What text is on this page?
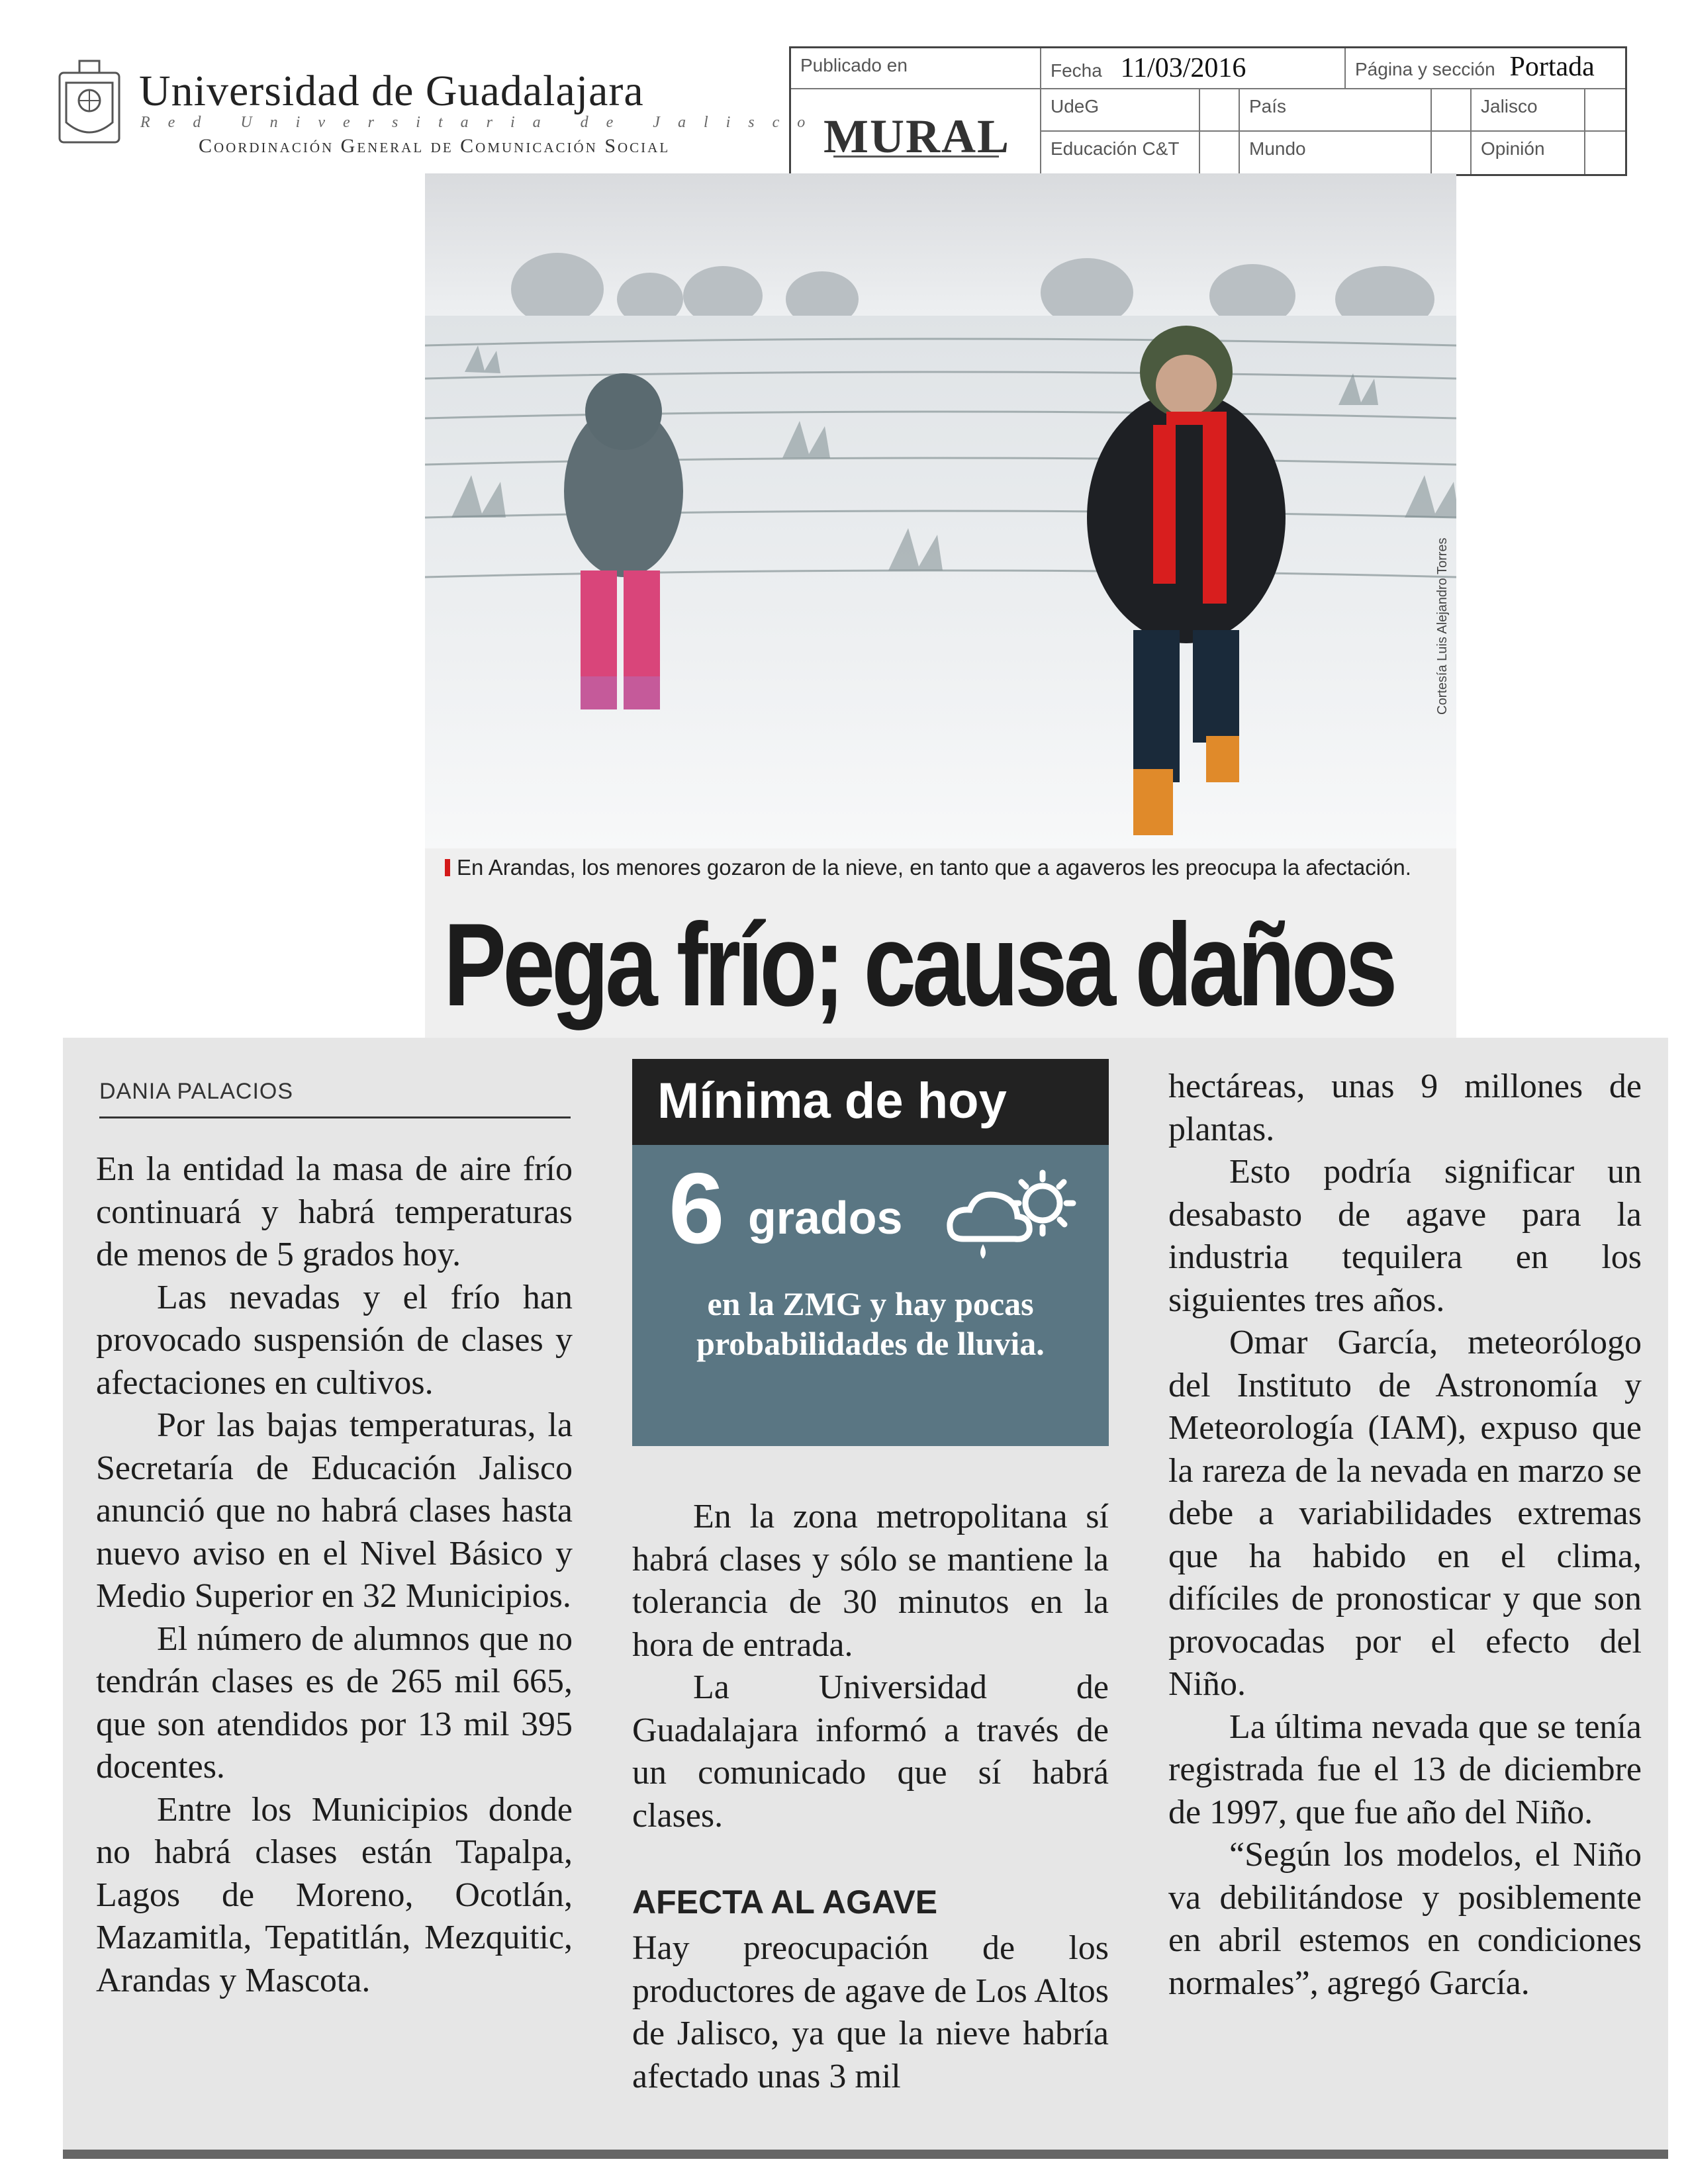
Universidad de Guadalajara
Red Universitaria de Jalisco
Coordinación General de Comunicación Social
Publicado en
MURAL
Fecha 11/03/2016	Página y sección Portada
UdeG	País	Jalisco
Educación C&T	Mundo	Opinión
Cortesía Luis Alejandro Torres
En Arandas, los menores gozaron de la nieve, en tanto que a agaveros les preocupa la afectación.
Pega frío; causa daños
DANIA PALACIOS

En la entidad la masa de aire frío continuará y habrá temperaturas de menos de 5 grados hoy.

Las nevadas y el frío han provocado suspensión de clases y afectaciones en cultivos.

Por las bajas temperaturas, la Secretaría de Educación Jalisco anunció que no habrá clases hasta nuevo aviso en el Nivel Básico y Medio Superior en 32 Municipios.

El número de alumnos que no tendrán clases es de 265 mil 665, que son atendidos por 13 mil 395 docentes.

Entre los Municipios donde no habrá clases están Tapalpa, Lagos de Moreno, Ocotlán, Mazamitla, Tepatitlán, Mezquitic, Arandas y Mascota.

Mínima de hoy
6 grados
en la ZMG y hay pocas probabilidades de lluvia.

En la zona metropolitana sí habrá clases y sólo se mantiene la tolerancia de 30 minutos en la hora de entrada.

La Universidad de Guadalajara informó a través de un comunicado que sí habrá clases.

AFECTA AL AGAVE

Hay preocupación de los productores de agave de Los Altos de Jalisco, ya que la nieve habría afectado unas 3 mil

hectáreas, unas 9 millones de plantas.

Esto podría significar un desabasto de agave para la industria tequilera en los siguientes tres años.

Omar García, meteorólogo del Instituto de Astronomía y Meteorología (IAM), expuso que la rareza de la nevada en marzo se debe a variabilidades extremas que ha habido en el clima, difíciles de pronosticar y que son provocadas por el efecto del Niño.

La última nevada que se tenía registrada fue el 13 de diciembre de 1997, que fue año del Niño.

“Según los modelos, el Niño va debilitándose y posiblemente en abril estemos en condiciones normales”, agregó García.
